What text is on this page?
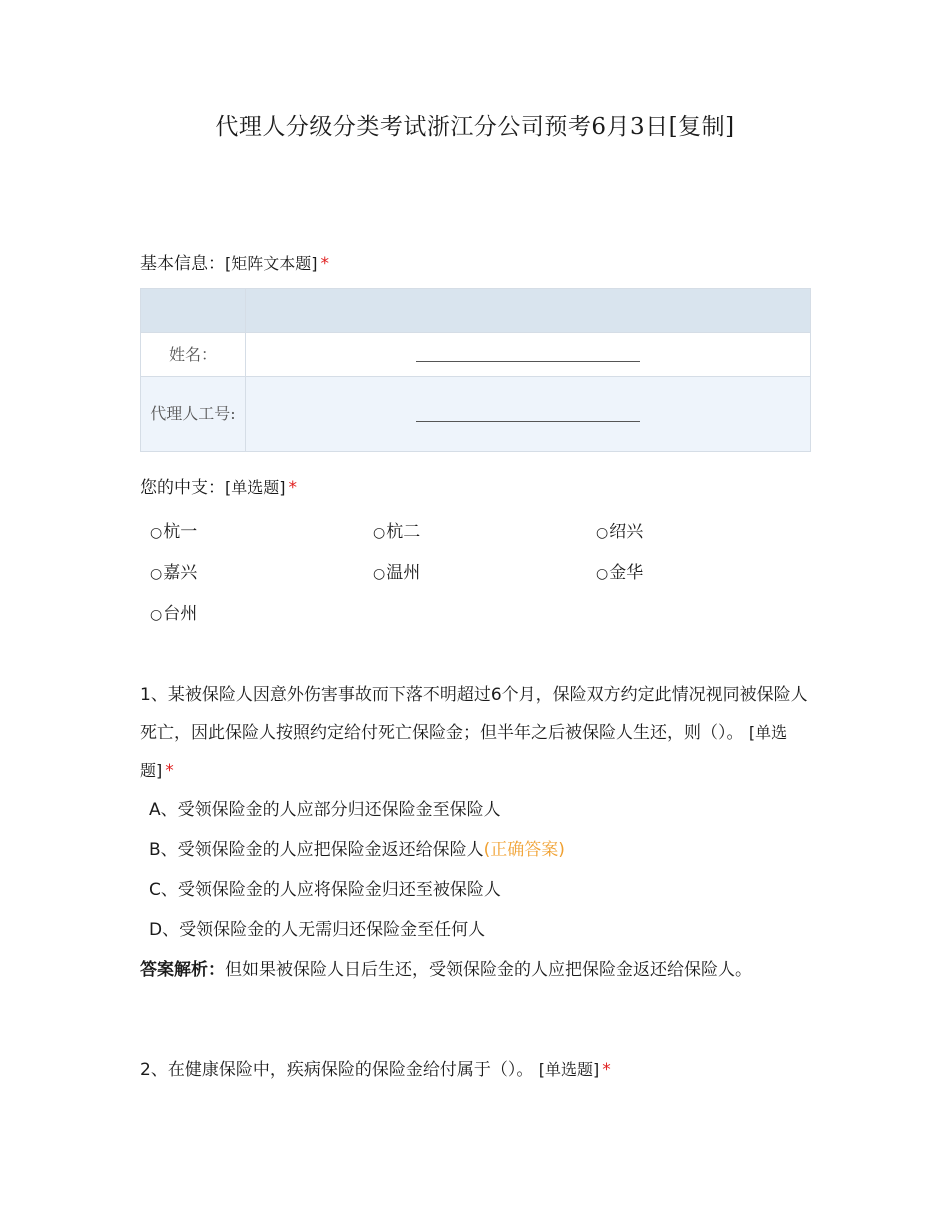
代理人分级分类考试浙江分公司预考6月3日[复制]
基本信息：[矩阵文本题] *

姓名：	
代理人工号:	
您的中支：[单选题] *
○杭一	○杭二	○绍兴
○嘉兴	○温州	○金华
○台州
1、某被保险人因意外伤害事故而下落不明超过6个月，保险双方约定此情况视同被保险人死亡，因此保险人按照约定给付死亡保险金；但半年之后被保险人生还，则（）。 [单选题] *
A、受领保险金的人应部分归还保险金至保险人
B、受领保险金的人应把保险金返还给保险人(正确答案)
C、受领保险金的人应将保险金归还至被保险人
D、受领保险金的人无需归还保险金至任何人
答案解析：但如果被保险人日后生还，受领保险金的人应把保险金返还给保险人。
2、在健康保险中，疾病保险的保险金给付属于（）。 [单选题] *
